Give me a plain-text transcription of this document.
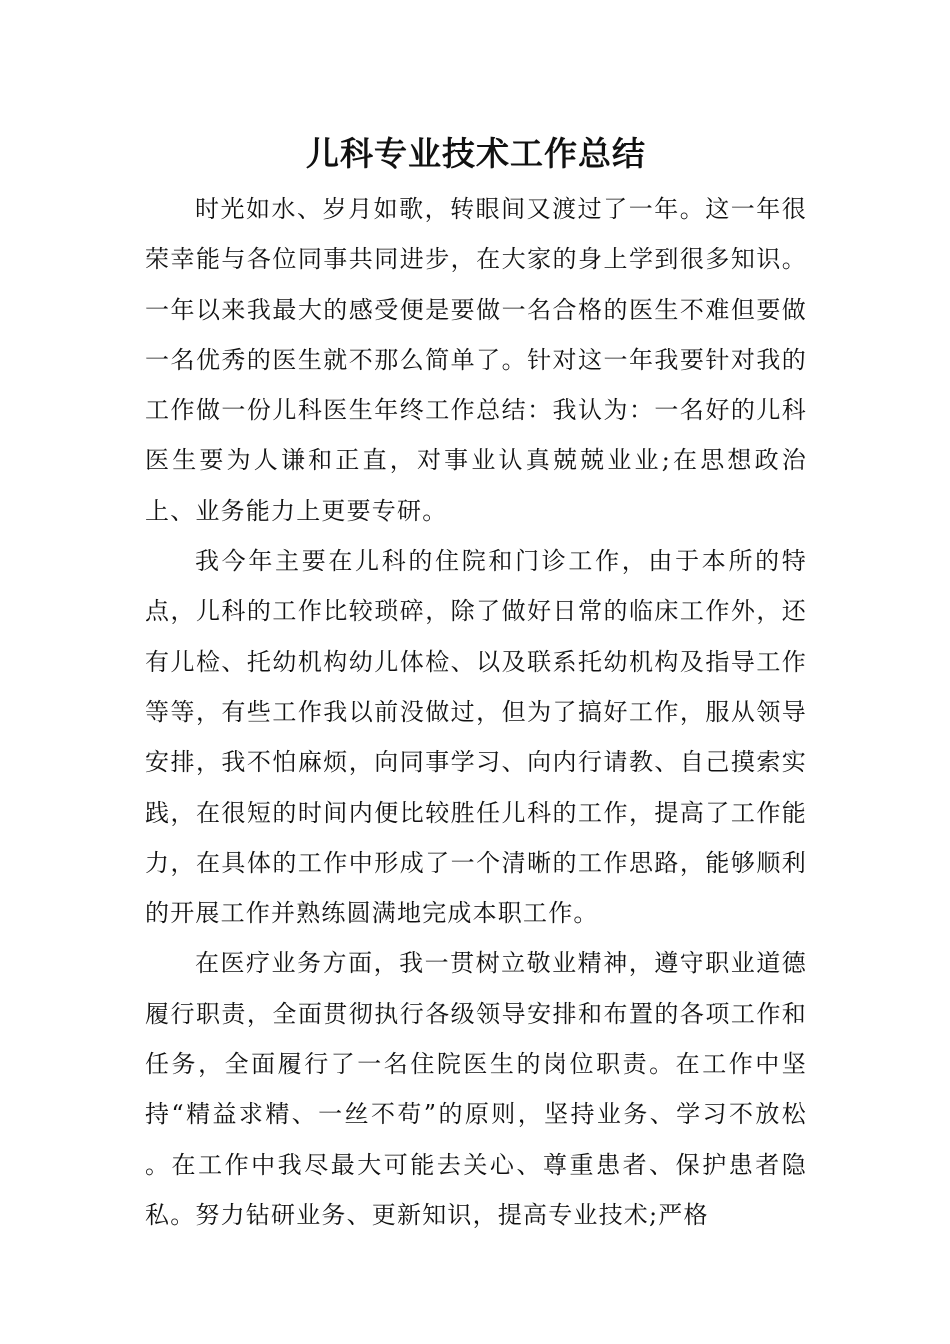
儿科专业技术工作总结

时光如水、岁月如歌，转眼间又渡过了一年。这一年很荣幸能与各位同事共同进步，在大家的身上学到很多知识。一年以来我最大的感受便是要做一名合格的医生不难但要做一名优秀的医生就不那么简单了。针对这一年我要针对我的工作做一份儿科医生年终工作总结：我认为：一名好的儿科医生要为人谦和正直，对事业认真兢兢业业;在思想政治上、业务能力上更要专研。

我今年主要在儿科的住院和门诊工作，由于本所的特点，儿科的工作比较琐碎，除了做好日常的临床工作外，还有儿检、托幼机构幼儿体检、以及联系托幼机构及指导工作等等，有些工作我以前没做过，但为了搞好工作，服从领导安排，我不怕麻烦，向同事学习、向内行请教、自己摸索实践，在很短的时间内便比较胜任儿科的工作，提高了工作能力，在具体的工作中形成了一个清晰的工作思路，能够顺利的开展工作并熟练圆满地完成本职工作。

在医疗业务方面，我一贯树立敬业精神，遵守职业道德履行职责，全面贯彻执行各级领导安排和布置的各项工作和任务，全面履行了一名住院医生的岗位职责。在工作中坚持“精益求精、一丝不苟”的原则，坚持业务、学习不放松 。在工作中我尽最大可能去关心、尊重患者、保护患者隐私。努力钻研业务、更新知识，提高专业技术;严格
